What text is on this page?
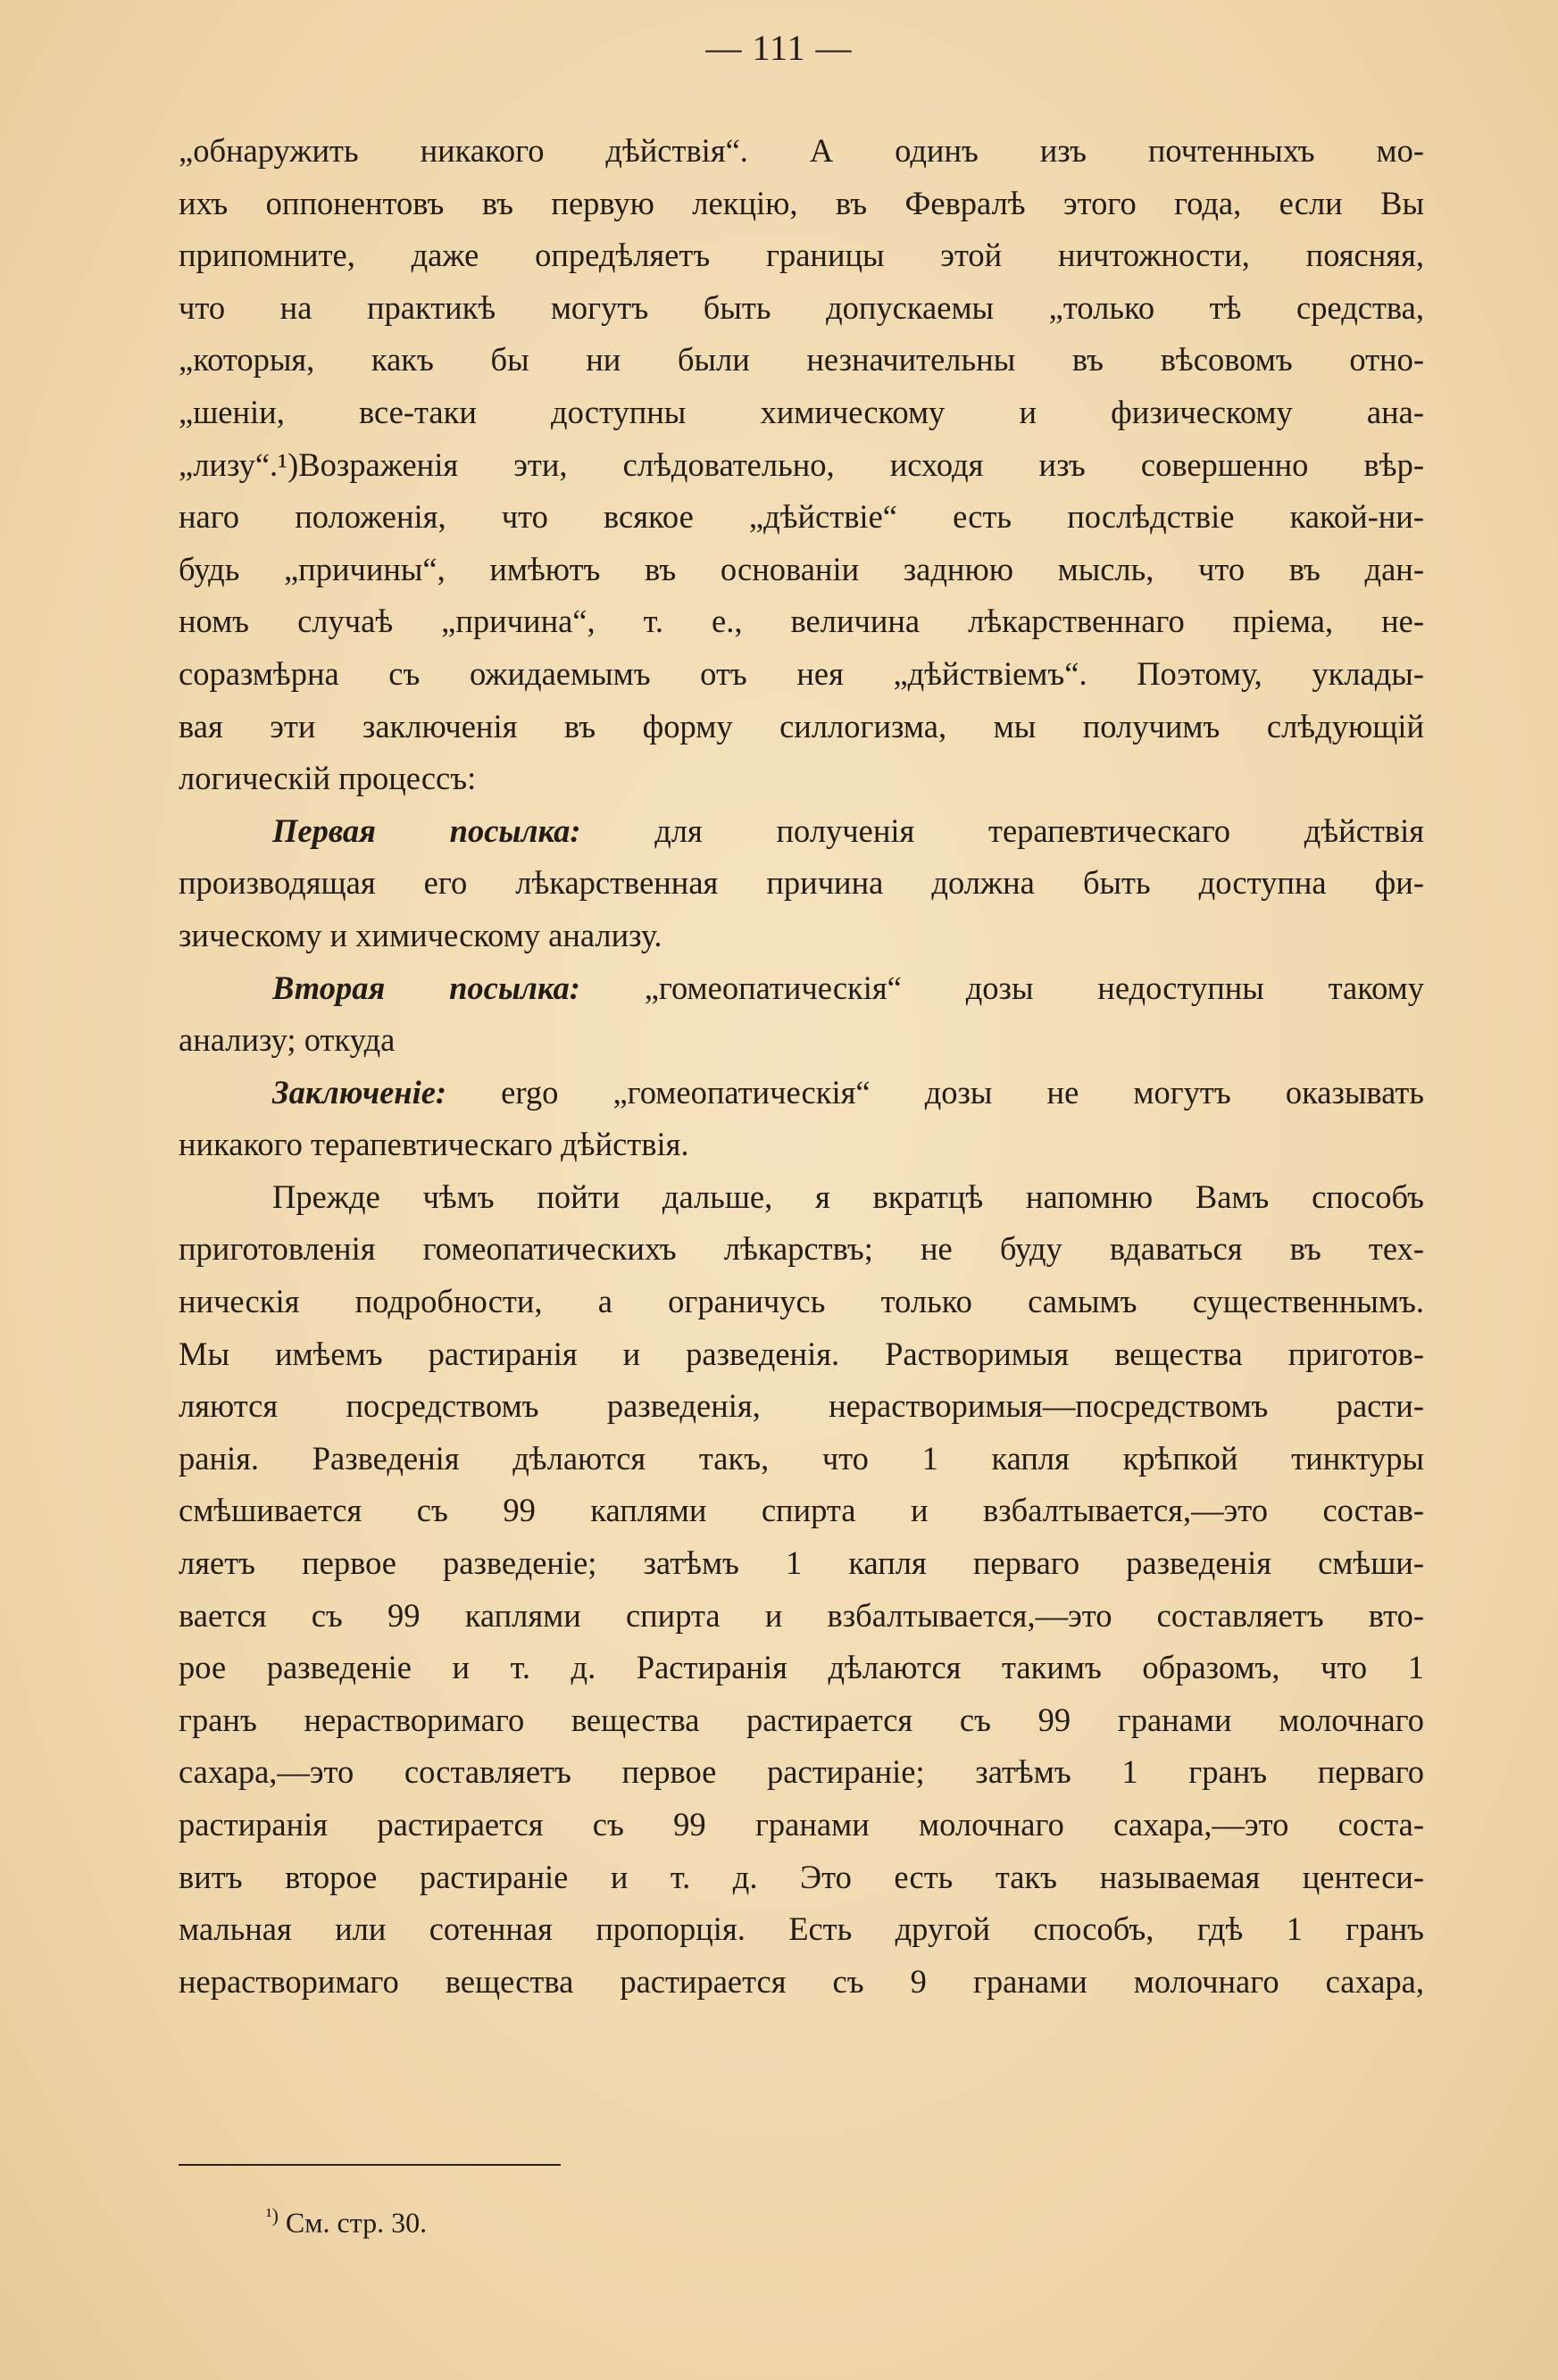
— 111 —
„обнаружить никакого дѣйствія“. А одинъ изъ почтенныхъ мо-
ихъ оппонентовъ въ первую лекцію, въ Февралѣ этого года, если Вы
припомните, даже опредѣляетъ границы этой ничтожности, поясняя,
что на практикѣ могутъ быть допускаемы „только тѣ средства,
„которыя, какъ бы ни были незначительны въ вѣсовомъ отно-
„шеніи, все-таки доступны химическому и физическому ана-
„лизу“.¹)Возраженія эти, слѣдовательно, исходя изъ совершенно вѣр-
наго положенія, что всякое „дѣйствіе“ есть послѣдствіе какой-ни-
будь „причины“, имѣютъ въ основаніи заднюю мысль, что въ дан-
номъ случаѣ „причина“, т. е., величина лѣкарственнаго пріема, не-
соразмѣрна съ ожидаемымъ отъ нея „дѣйствіемъ“. Поэтому, уклады-
вая эти заключенія въ форму силлогизма, мы получимъ слѣдующій
логическій процессъ:
Первая посылка: для полученія терапевтическаго дѣйствія
производящая его лѣкарственная причина должна быть доступна фи-
зическому и химическому анализу.
Вторая посылка: „гомеопатическія“ дозы недоступны такому
анализу; откуда
Заключеніе: ergo „гомеопатическія“ дозы не могутъ оказывать
никакого терапевтическаго дѣйствія.
Прежде чѣмъ пойти дальше, я вкратцѣ напомню Вамъ способъ
приготовленія гомеопатическихъ лѣкарствъ; не буду вдаваться въ тех-
ническія подробности, а ограничусь только самымъ существеннымъ.
Мы имѣемъ растиранія и разведенія. Растворимыя вещества приготов-
ляются посредствомъ разведенія, нерастворимыя—посредствомъ расти-
ранія. Разведенія дѣлаются такъ, что 1 капля крѣпкой тинктуры
смѣшивается съ 99 каплями спирта и взбалтывается,—это состав-
ляетъ первое разведеніе; затѣмъ 1 капля перваго разведенія смѣши-
вается съ 99 каплями спирта и взбалтывается,—это составляетъ вто-
рое разведеніе и т. д. Растиранія дѣлаются такимъ образомъ, что 1
гранъ нерастворимаго вещества растирается съ 99 гранами молочнаго
сахара,—это составляетъ первое растираніе; затѣмъ 1 гранъ перваго
растиранія растирается съ 99 гранами молочнаго сахара,—это соста-
витъ второе растираніе и т. д. Это есть такъ называемая центеси-
мальная или сотенная пропорція. Есть другой способъ, гдѣ 1 гранъ
нерастворимаго вещества растирается съ 9 гранами молочнаго сахара,
$^{^1)}$ См. стр. 30.
